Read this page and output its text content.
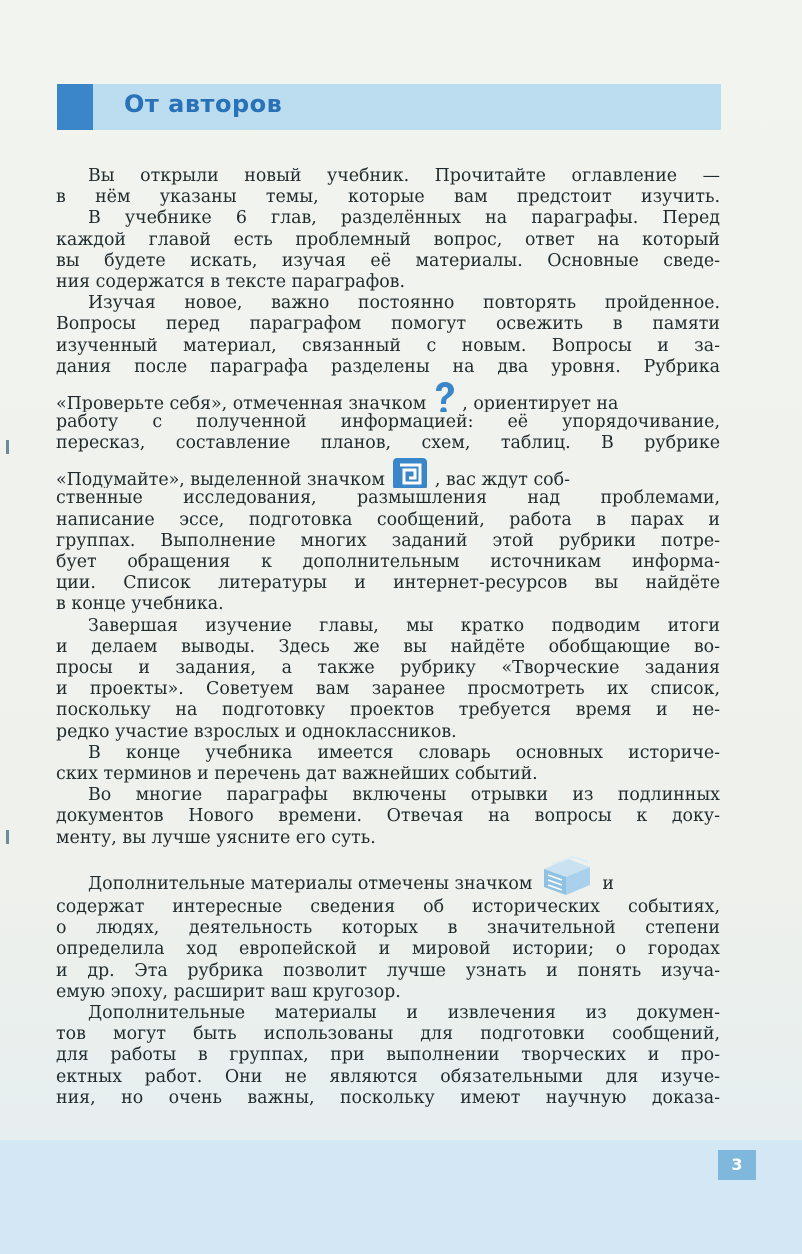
От авторов
Вы открыли новый учебник. Прочитайте оглавление —
в нём указаны темы, которые вам предстоит изучить.
В учебнике 6 глав, разделённых на параграфы. Перед
каждой главой есть проблемный вопрос, ответ на который
вы будете искать, изучая её материалы. Основные сведе-
ния содержатся в тексте параграфов.
Изучая новое, важно постоянно повторять пройденное.
Вопросы перед параграфом помогут освежить в памяти
изученный материал, связанный с новым. Вопросы и за-
дания после параграфа разделены на два уровня. Рубрика
«Проверьте себя», отмеченная значком , ориентирует на
работу с полученной информацией: её упорядочивание,
пересказ, составление планов, схем, таблиц. В рубрике
«Подумайте», выделенной значком	, вас ждут соб-
ственные исследования, размышления над проблемами,
написание эссе, подготовка сообщений, работа в парах и
группах. Выполнение многих заданий этой рубрики потре-
бует обращения к дополнительным источникам информа-
ции. Список литературы и интернет-ресурсов вы найдёте
в конце учебника.
Завершая изучение главы, мы кратко подводим итоги
и делаем выводы. Здесь же вы найдёте обобщающие во-
просы и задания, а также рубрику «Творческие задания
и проекты». Советуем вам заранее просмотреть их список,
поскольку на подготовку проектов требуется время и не-
редко участие взрослых и одноклассников.
В конце учебника имеется словарь основных историче-
ских терминов и перечень дат важнейших событий.
Во многие параграфы включены отрывки из подлинных
документов Нового времени. Отвечая на вопросы к доку-
менту, вы лучше уясните его суть.
Дополнительные материалы отмечены значком	и
содержат интересные сведения об исторических событиях,
о людях, деятельность которых в значительной степени
определила ход европейской и мировой истории; о городах
и др. Эта рубрика позволит лучше узнать и понять изуча-
емую эпоху, расширит ваш кругозор.
Дополнительные материалы и извлечения из докумен-
тов могут быть использованы для подготовки сообщений,
для работы в группах, при выполнении творческих и про-
ектных работ. Они не являются обязательными для изуче-
ния, но очень важны, поскольку имеют научную доказа-
3
